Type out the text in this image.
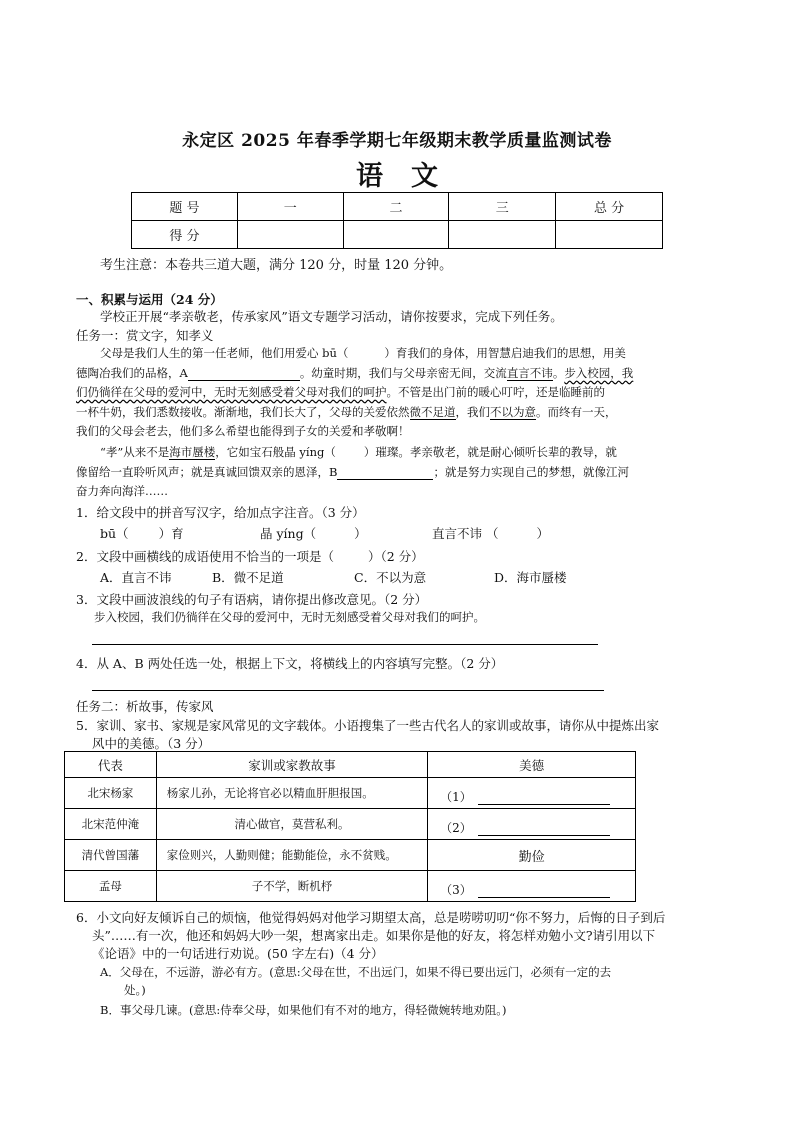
永定区 2025 年春季学期七年级期末教学质量监测试卷
语文
题 号	一	二	三	总 分
得 分				
考生注意：本卷共三道大题，满分 120 分，时量 120 分钟。
一、积累与运用（24 分）
学校正开展“孝亲敬老，传承家风”语文专题学习活动，请你按要求，完成下列任务。
任务一：赏文字，知孝义
父母是我们人生的第一任老师，他们用爱心 bū（	）育我们的身体，用智慧启迪我们的思想，用美
德陶冶我们的品格，A	。幼童时期，我们与父母亲密无间，交流直言不讳。步入校园，我
们仍徜徉在父母的爱河中，无时无刻感受着父母对我们的呵护。不管是出门前的暖心叮咛，还是临睡前的
一杯牛奶，我们悉数接收。渐渐地，我们长大了，父母的关爱依然微不足道，我们不以为意。而终有一天，
我们的父母会老去，他们多么希望也能得到子女的关爱和孝敬啊！
“孝”从来不是海市蜃楼，它如宝石般晶 yíng（ ）璀璨。孝亲敬老，就是耐心倾听长辈的教导，就
像留给一直聆听风声；就是真诚回馈双亲的恩泽，B	；就是努力实现自己的梦想，就像江河
奋力奔向海洋……
1．给文段中的拼音写汉字，给加点字注音。（3 分）
bū（ ）育	晶 yíng（	）	直言不讳 （	）
2．文段中画横线的成语使用不恰当的一项是（	）（2 分）
A．直言不讳	B．微不足道	C．不以为意	D．海市蜃楼
3．文段中画波浪线的句子有语病，请你提出修改意见。（2 分）
步入校园，我们仍徜徉在父母的爱河中，无时无刻感受着父母对我们的呵护。
4．从 A、B 两处任选一处，根据上下文，将横线上的内容填写完整。（2 分）
任务二：析故事，传家风
5．家训、家书、家规是家风常见的文字载体。小语搜集了一些古代名人的家训或故事，请你从中提炼出家
风中的美德。（3 分）
代表	家训或家教故事	美德
北宋杨家	杨家儿孙，无论将官必以精血肝胆报国。	（1）
北宋范仲淹	清心做官，莫营私利。	（2）
清代曾国藩	家俭则兴，人勤则健；能勤能俭，永不贫贱。	勤俭
孟母	子不学，断机杼	（3）
6．小文向好友倾诉自己的烦恼，他觉得妈妈对他学习期望太高，总是唠唠叨叨“你不努力，后悔的日子到后
头”……有一次，他还和妈妈大吵一架，想离家出走。如果你是他的好友，将怎样劝勉小文?请引用以下
《论语》中的一句话进行劝说。(50 字左右)（4 分）
A．父母在，不远游，游必有方。(意思:父母在世，不出远门，如果不得已要出远门，必须有一定的去
处。)
B．事父母几谏。(意思:侍奉父母，如果他们有不对的地方，得轻微婉转地劝阻。)
